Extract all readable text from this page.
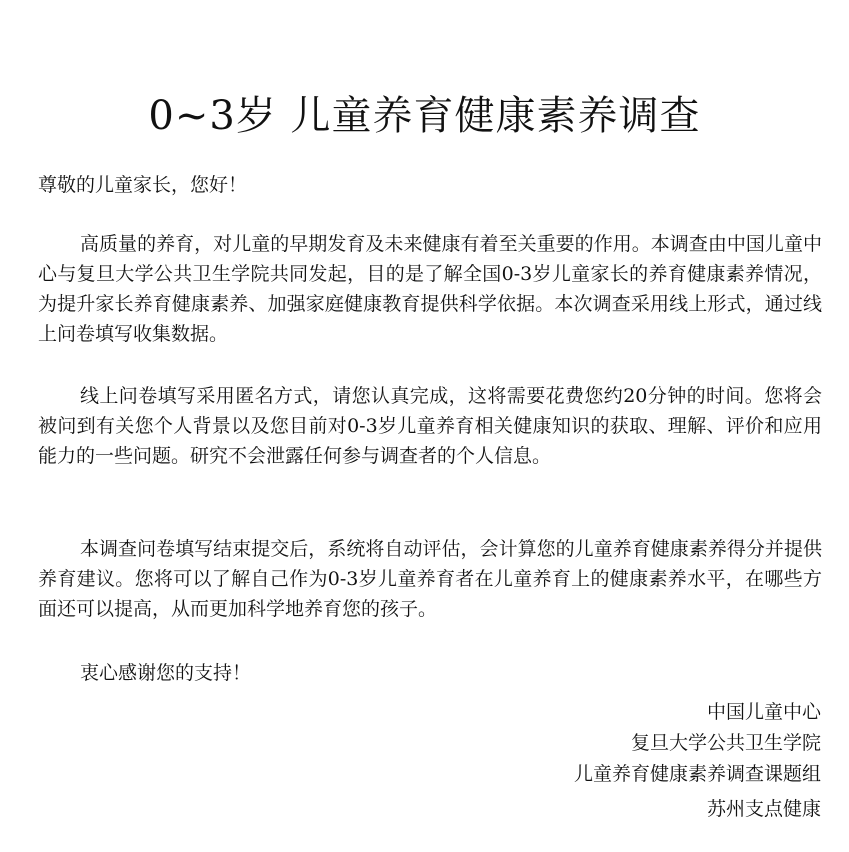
0~3岁 儿童养育健康素养调查

尊敬的儿童家长，您好！

高质量的养育，对儿童的早期发育及未来健康有着至关重要的作用。本调查由中国儿童中心与复旦大学公共卫生学院共同发起，目的是了解全国0-3岁儿童家长的养育健康素养情况，为提升家长养育健康素养、加强家庭健康教育提供科学依据。本次调查采用线上形式，通过线上问卷填写收集数据。

线上问卷填写采用匿名方式，请您认真完成，这将需要花费您约20分钟的时间。您将会被问到有关您个人背景以及您目前对0-3岁儿童养育相关健康知识的获取、理解、评价和应用能力的一些问题。研究不会泄露任何参与调查者的个人信息。

本调查问卷填写结束提交后，系统将自动评估，会计算您的儿童养育健康素养得分并提供养育建议。您将可以了解自己作为0-3岁儿童养育者在儿童养育上的健康素养水平，在哪些方面还可以提高，从而更加科学地养育您的孩子。

衷心感谢您的支持！

中国儿童中心

复旦大学公共卫生学院

儿童养育健康素养调查课题组

苏州支点健康
